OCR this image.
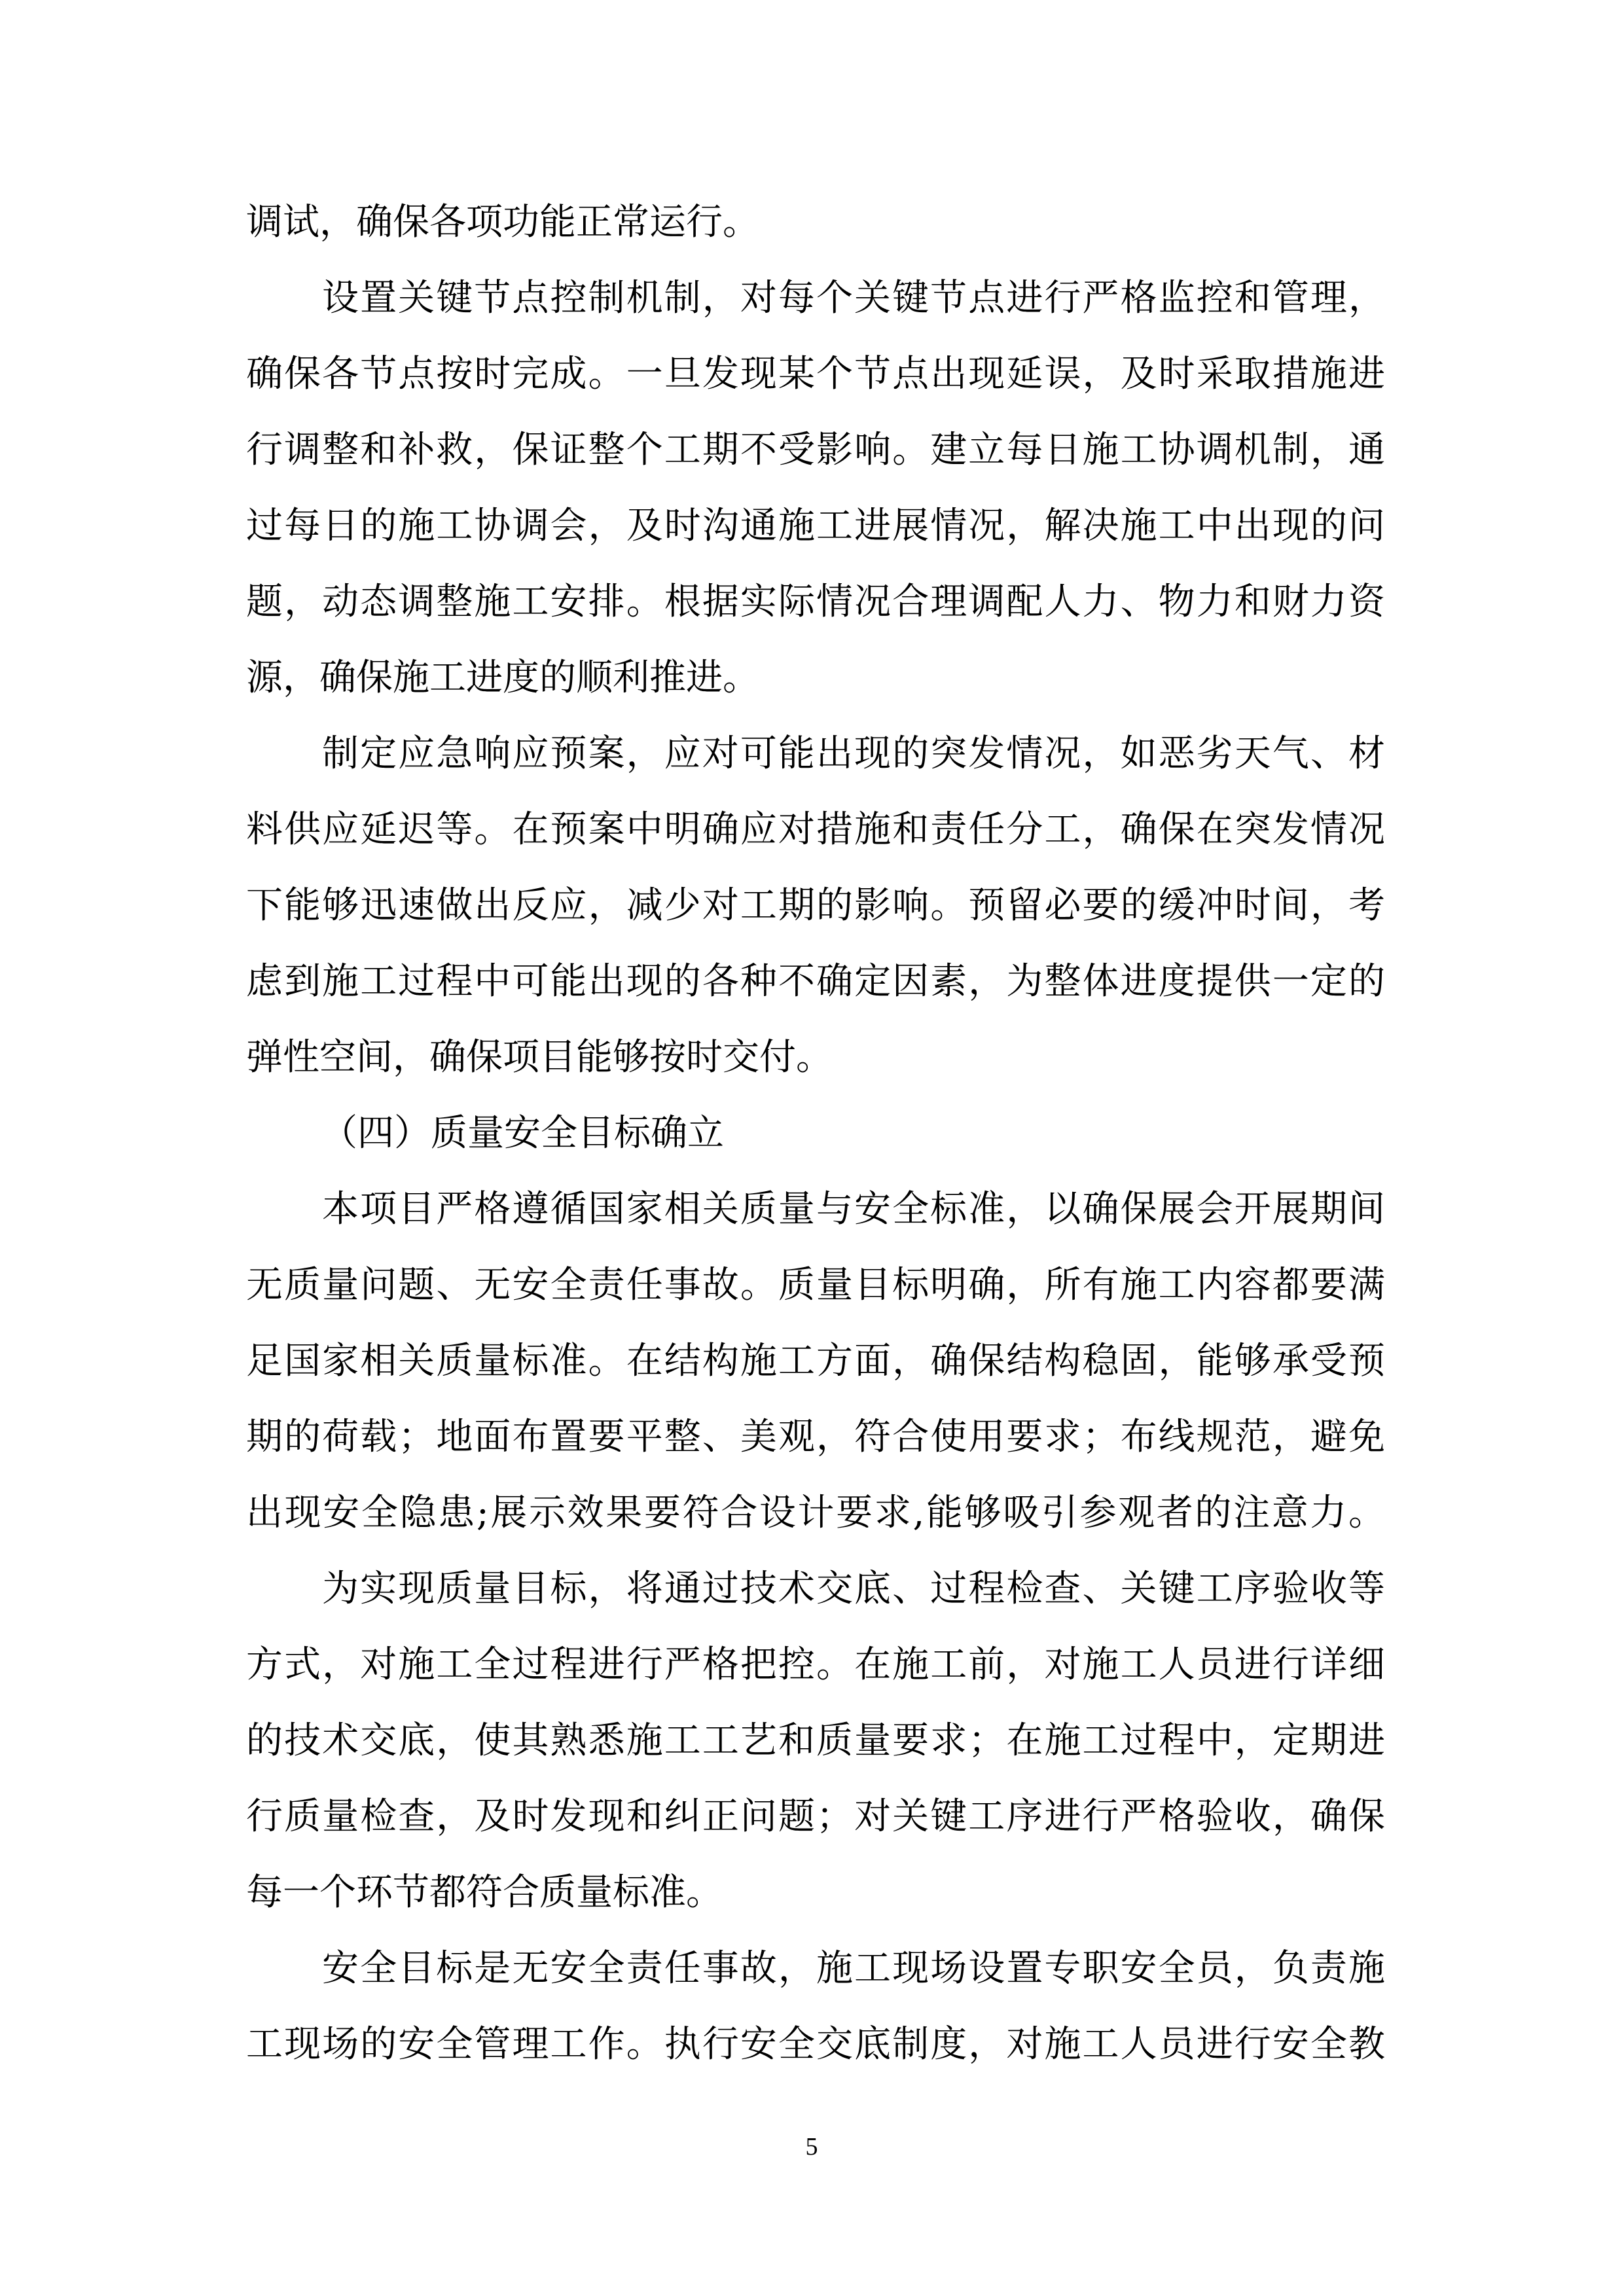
调试，确保各项功能正常运行。

设置关键节点控制机制，对每个关键节点进行严格监控和管理，

确保各节点按时完成。一旦发现某个节点出现延误，及时采取措施进

行调整和补救，保证整个工期不受影响。建立每日施工协调机制，通

过每日的施工协调会，及时沟通施工进展情况，解决施工中出现的问

题，动态调整施工安排。根据实际情况合理调配人力、物力和财力资

源，确保施工进度的顺利推进。

制定应急响应预案，应对可能出现的突发情况，如恶劣天气、材

料供应延迟等。在预案中明确应对措施和责任分工，确保在突发情况

下能够迅速做出反应，减少对工期的影响。预留必要的缓冲时间，考

虑到施工过程中可能出现的各种不确定因素，为整体进度提供一定的

弹性空间，确保项目能够按时交付。

（四）质量安全目标确立

本项目严格遵循国家相关质量与安全标准，以确保展会开展期间

无质量问题、无安全责任事故。质量目标明确，所有施工内容都要满

足国家相关质量标准。在结构施工方面，确保结构稳固，能够承受预

期的荷载；地面布置要平整、美观，符合使用要求；布线规范，避免

出现安全隐患;展示效果要符合设计要求,能够吸引参观者的注意力。

为实现质量目标，将通过技术交底、过程检查、关键工序验收等

方式，对施工全过程进行严格把控。在施工前，对施工人员进行详细

的技术交底，使其熟悉施工工艺和质量要求；在施工过程中，定期进

行质量检查，及时发现和纠正问题；对关键工序进行严格验收，确保

每一个环节都符合质量标准。

安全目标是无安全责任事故，施工现场设置专职安全员，负责施

工现场的安全管理工作。执行安全交底制度，对施工人员进行安全教

5
